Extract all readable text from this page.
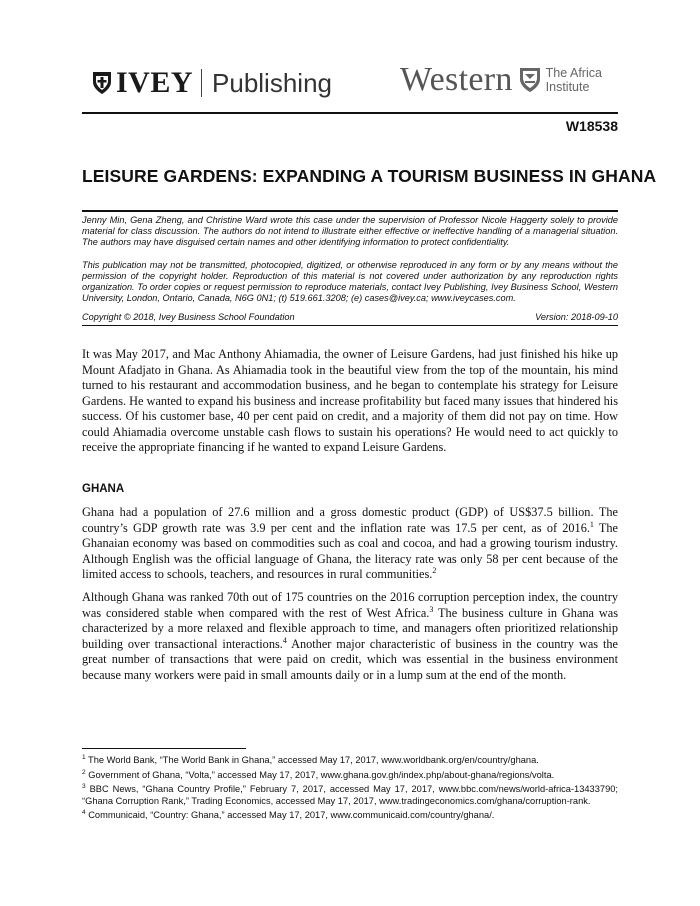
IVEY Publishing Western	The Africa
Institute
W18538
LEISURE GARDENS: EXPANDING A TOURISM BUSINESS IN GHANA
Jenny Min, Gena Zheng, and Christine Ward wrote this case under the supervision of Professor Nicole Haggerty solely to provide material for class discussion. The authors do not intend to illustrate either effective or ineffective handling of a managerial situation. The authors may have disguised certain names and other identifying information to protect confidentiality.
This publication may not be transmitted, photocopied, digitized, or otherwise reproduced in any form or by any means without the permission of the copyright holder. Reproduction of this material is not covered under authorization by any reproduction rights organization. To order copies or request permission to reproduce materials, contact Ivey Publishing, Ivey Business School, Western University, London, Ontario, Canada, N6G 0N1; (t) 519.661.3208; (e) cases@ivey.ca; www.iveycases.com.
Copyright © 2018, Ivey Business School Foundation	Version: 2018-09-10
It was May 2017, and Mac Anthony Ahiamadia, the owner of Leisure Gardens, had just finished his hike up Mount Afadjato in Ghana. As Ahiamadia took in the beautiful view from the top of the mountain, his mind turned to his restaurant and accommodation business, and he began to contemplate his strategy for Leisure Gardens. He wanted to expand his business and increase profitability but faced many issues that hindered his success. Of his customer base, 40 per cent paid on credit, and a majority of them did not pay on time. How could Ahiamadia overcome unstable cash flows to sustain his operations? He would need to act quickly to receive the appropriate financing if he wanted to expand Leisure Gardens.
GHANA
Ghana had a population of 27.6 million and a gross domestic product (GDP) of US$37.5 billion. The country’s GDP growth rate was 3.9 per cent and the inflation rate was 17.5 per cent, as of 2016.$^1$ The Ghanaian economy was based on commodities such as coal and cocoa, and had a growing tourism industry. Although English was the official language of Ghana, the literacy rate was only 58 per cent because of the limited access to schools, teachers, and resources in rural communities.$^2$
Although Ghana was ranked 70th out of 175 countries on the 2016 corruption perception index, the country was considered stable when compared with the rest of West Africa.$^3$ The business culture in Ghana was characterized by a more relaxed and flexible approach to time, and managers often prioritized relationship building over transactional interactions.$^4$ Another major characteristic of business in the country was the great number of transactions that were paid on credit, which was essential in the business environment because many workers were paid in small amounts daily or in a lump sum at the end of the month.
$^1$ The World Bank, “The World Bank in Ghana,” accessed May 17, 2017, www.worldbank.org/en/country/ghana.
$^2$ Government of Ghana, “Volta,” accessed May 17, 2017, www.ghana.gov.gh/index.php/about-ghana/regions/volta.
$^3$ BBC News, “Ghana Country Profile,” February 7, 2017, accessed May 17, 2017, www.bbc.com/news/world-africa-13433790; “Ghana Corruption Rank,” Trading Economics, accessed May 17, 2017, www.tradingeconomics.com/ghana/corruption-rank.
$^4$ Communicaid, “Country: Ghana,” accessed May 17, 2017, www.communicaid.com/country/ghana/.
